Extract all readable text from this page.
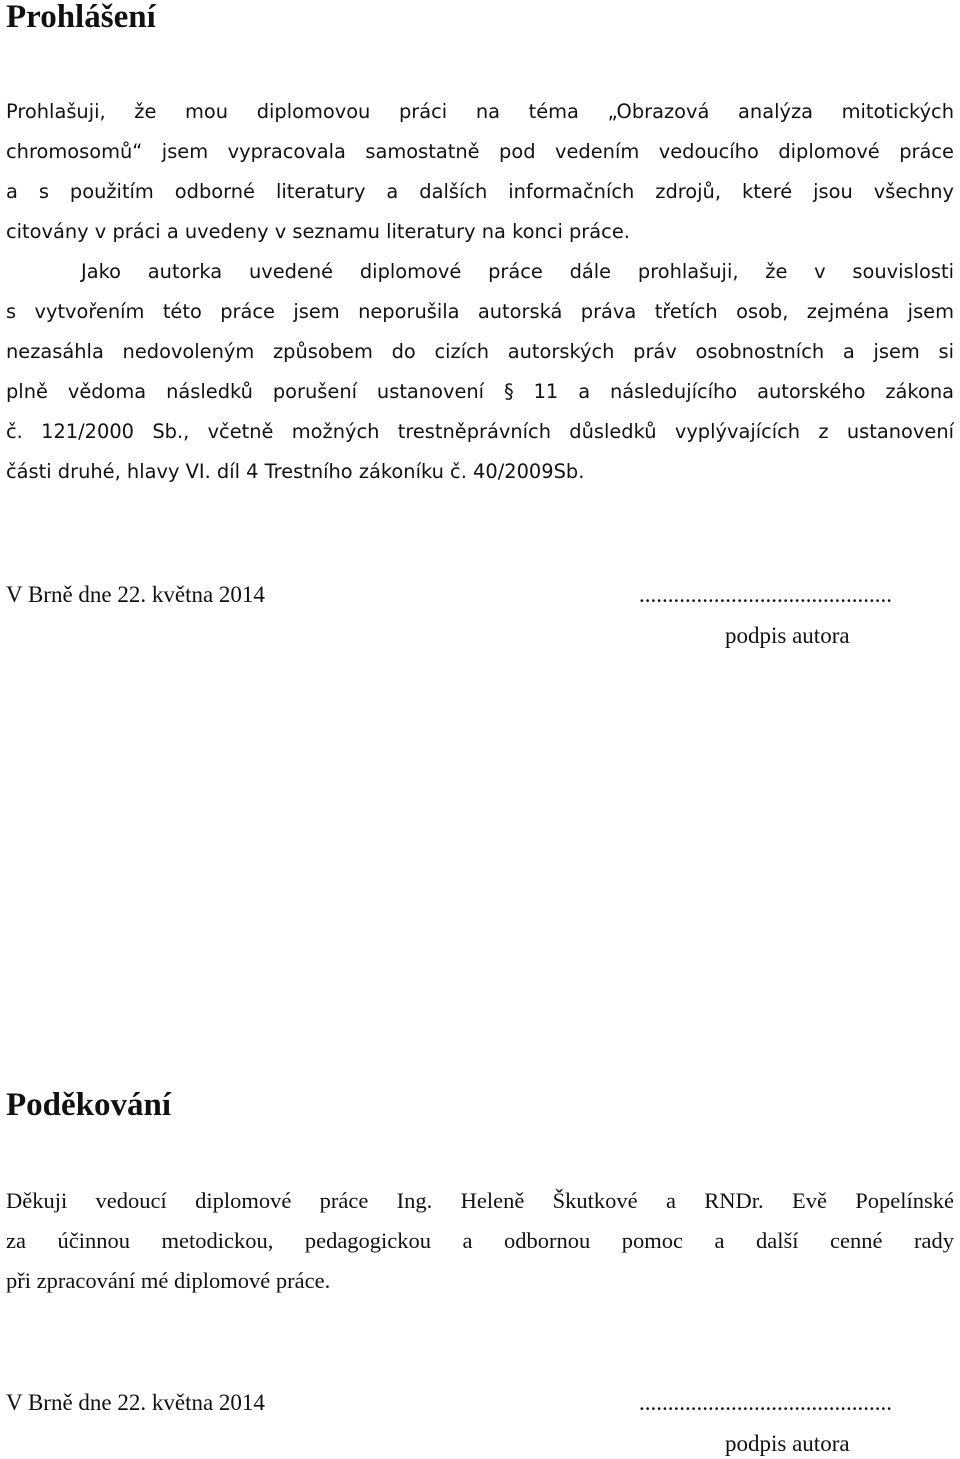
Prohlášení
Prohlašuji, že mou diplomovou práci na téma „Obrazová analýza mitotických
chromosomů“ jsem vypracovala samostatně pod vedením vedoucího diplomové práce
a s použitím odborné literatury a dalších informačních zdrojů, které jsou všechny
citovány v práci a uvedeny v seznamu literatury na konci práce.
Jako autorka uvedené diplomové práce dále prohlašuji, že v souvislosti
s vytvořením této práce jsem neporušila autorská práva třetích osob, zejména jsem
nezasáhla nedovoleným způsobem do cizích autorských práv osobnostních a jsem si
plně vědoma následků porušení ustanovení § 11 a následujícího autorského zákona
č. 121/2000 Sb., včetně možných trestněprávních důsledků vyplývajících z ustanovení
části druhé, hlavy VI. díl 4 Trestního zákoníku č. 40/2009Sb.
V Brně dne 22. května 2014	............................................
podpis autora
Poděkování
Děkuji vedoucí diplomové práce Ing. Heleně Škutkové a RNDr. Evě Popelínské
za účinnou metodickou, pedagogickou a odbornou pomoc a další cenné rady
při zpracování mé diplomové práce.
V Brně dne 22. května 2014	............................................
podpis autora
